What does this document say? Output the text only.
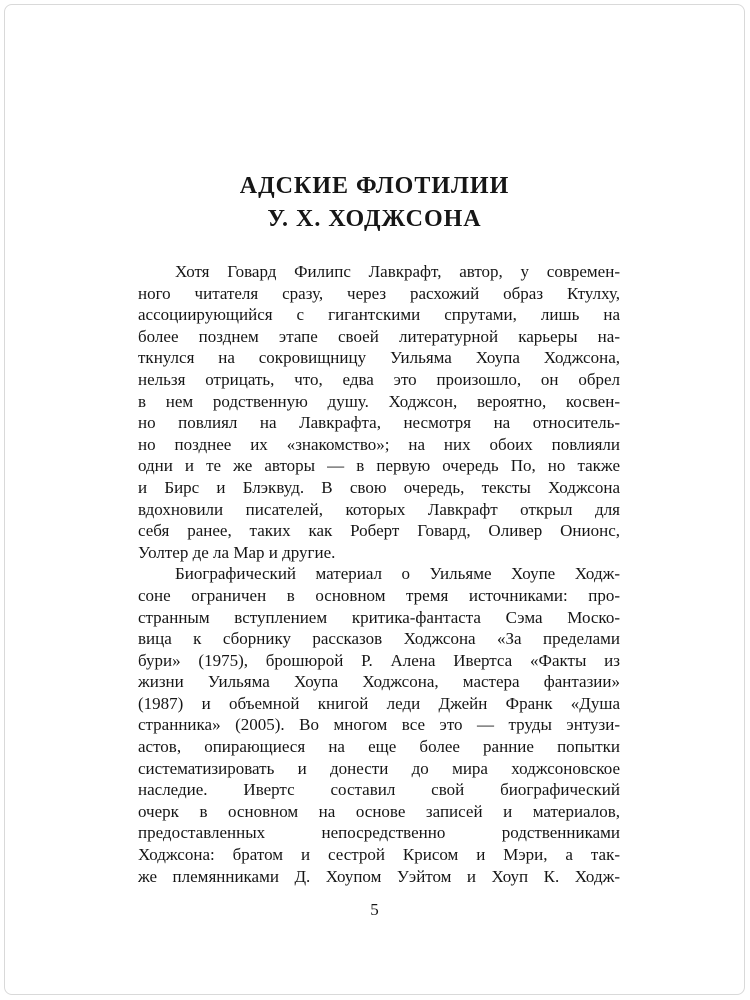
АДСКИЕ ФЛОТИЛИИ
У. Х. ХОДЖСОНА
Хотя Говард Филипс Лавкрафт, автор, у современ-
ного читателя сразу, через расхожий образ Ктулху,
ассоциирующийся с гигантскими спрутами, лишь на
более позднем этапе своей литературной карьеры на-
ткнулся на сокровищницу Уильяма Хоупа Ходжсона,
нельзя отрицать, что, едва это произошло, он обрел
в нем родственную душу. Ходжсон, вероятно, косвен-
но повлиял на Лавкрафта, несмотря на относитель-
но позднее их «знакомство»; на них обоих повлияли
одни и те же авторы — в первую очередь По, но также
и Бирс и Блэквуд. В свою очередь, тексты Ходжсона
вдохновили писателей, которых Лавкрафт открыл для
себя ранее, таких как Роберт Говард, Оливер Онионс,
Уолтер де ла Мар и другие.
Биографический материал о Уильяме Хоупе Ходж-
соне ограничен в основном тремя источниками: про-
странным вступлением критика-фантаста Сэма Моско-
вица к сборнику рассказов Ходжсона «За пределами
бури» (1975), брошюрой Р. Алена Ивертса «Факты из
жизни Уильяма Хоупа Ходжсона, мастера фантазии»
(1987) и объемной книгой леди Джейн Франк «Душа
странника» (2005). Во многом все это — труды энтузи-
астов, опирающиеся на еще более ранние попытки
систематизировать и донести до мира ходжсоновское
наследие. Ивертс составил свой биографический
очерк в основном на основе записей и материалов,
предоставленных непосредственно родственниками
Ходжсона: братом и сестрой Крисом и Мэри, а так-
же племянниками Д. Хоупом Уэйтом и Хоуп К. Ходж-
5
